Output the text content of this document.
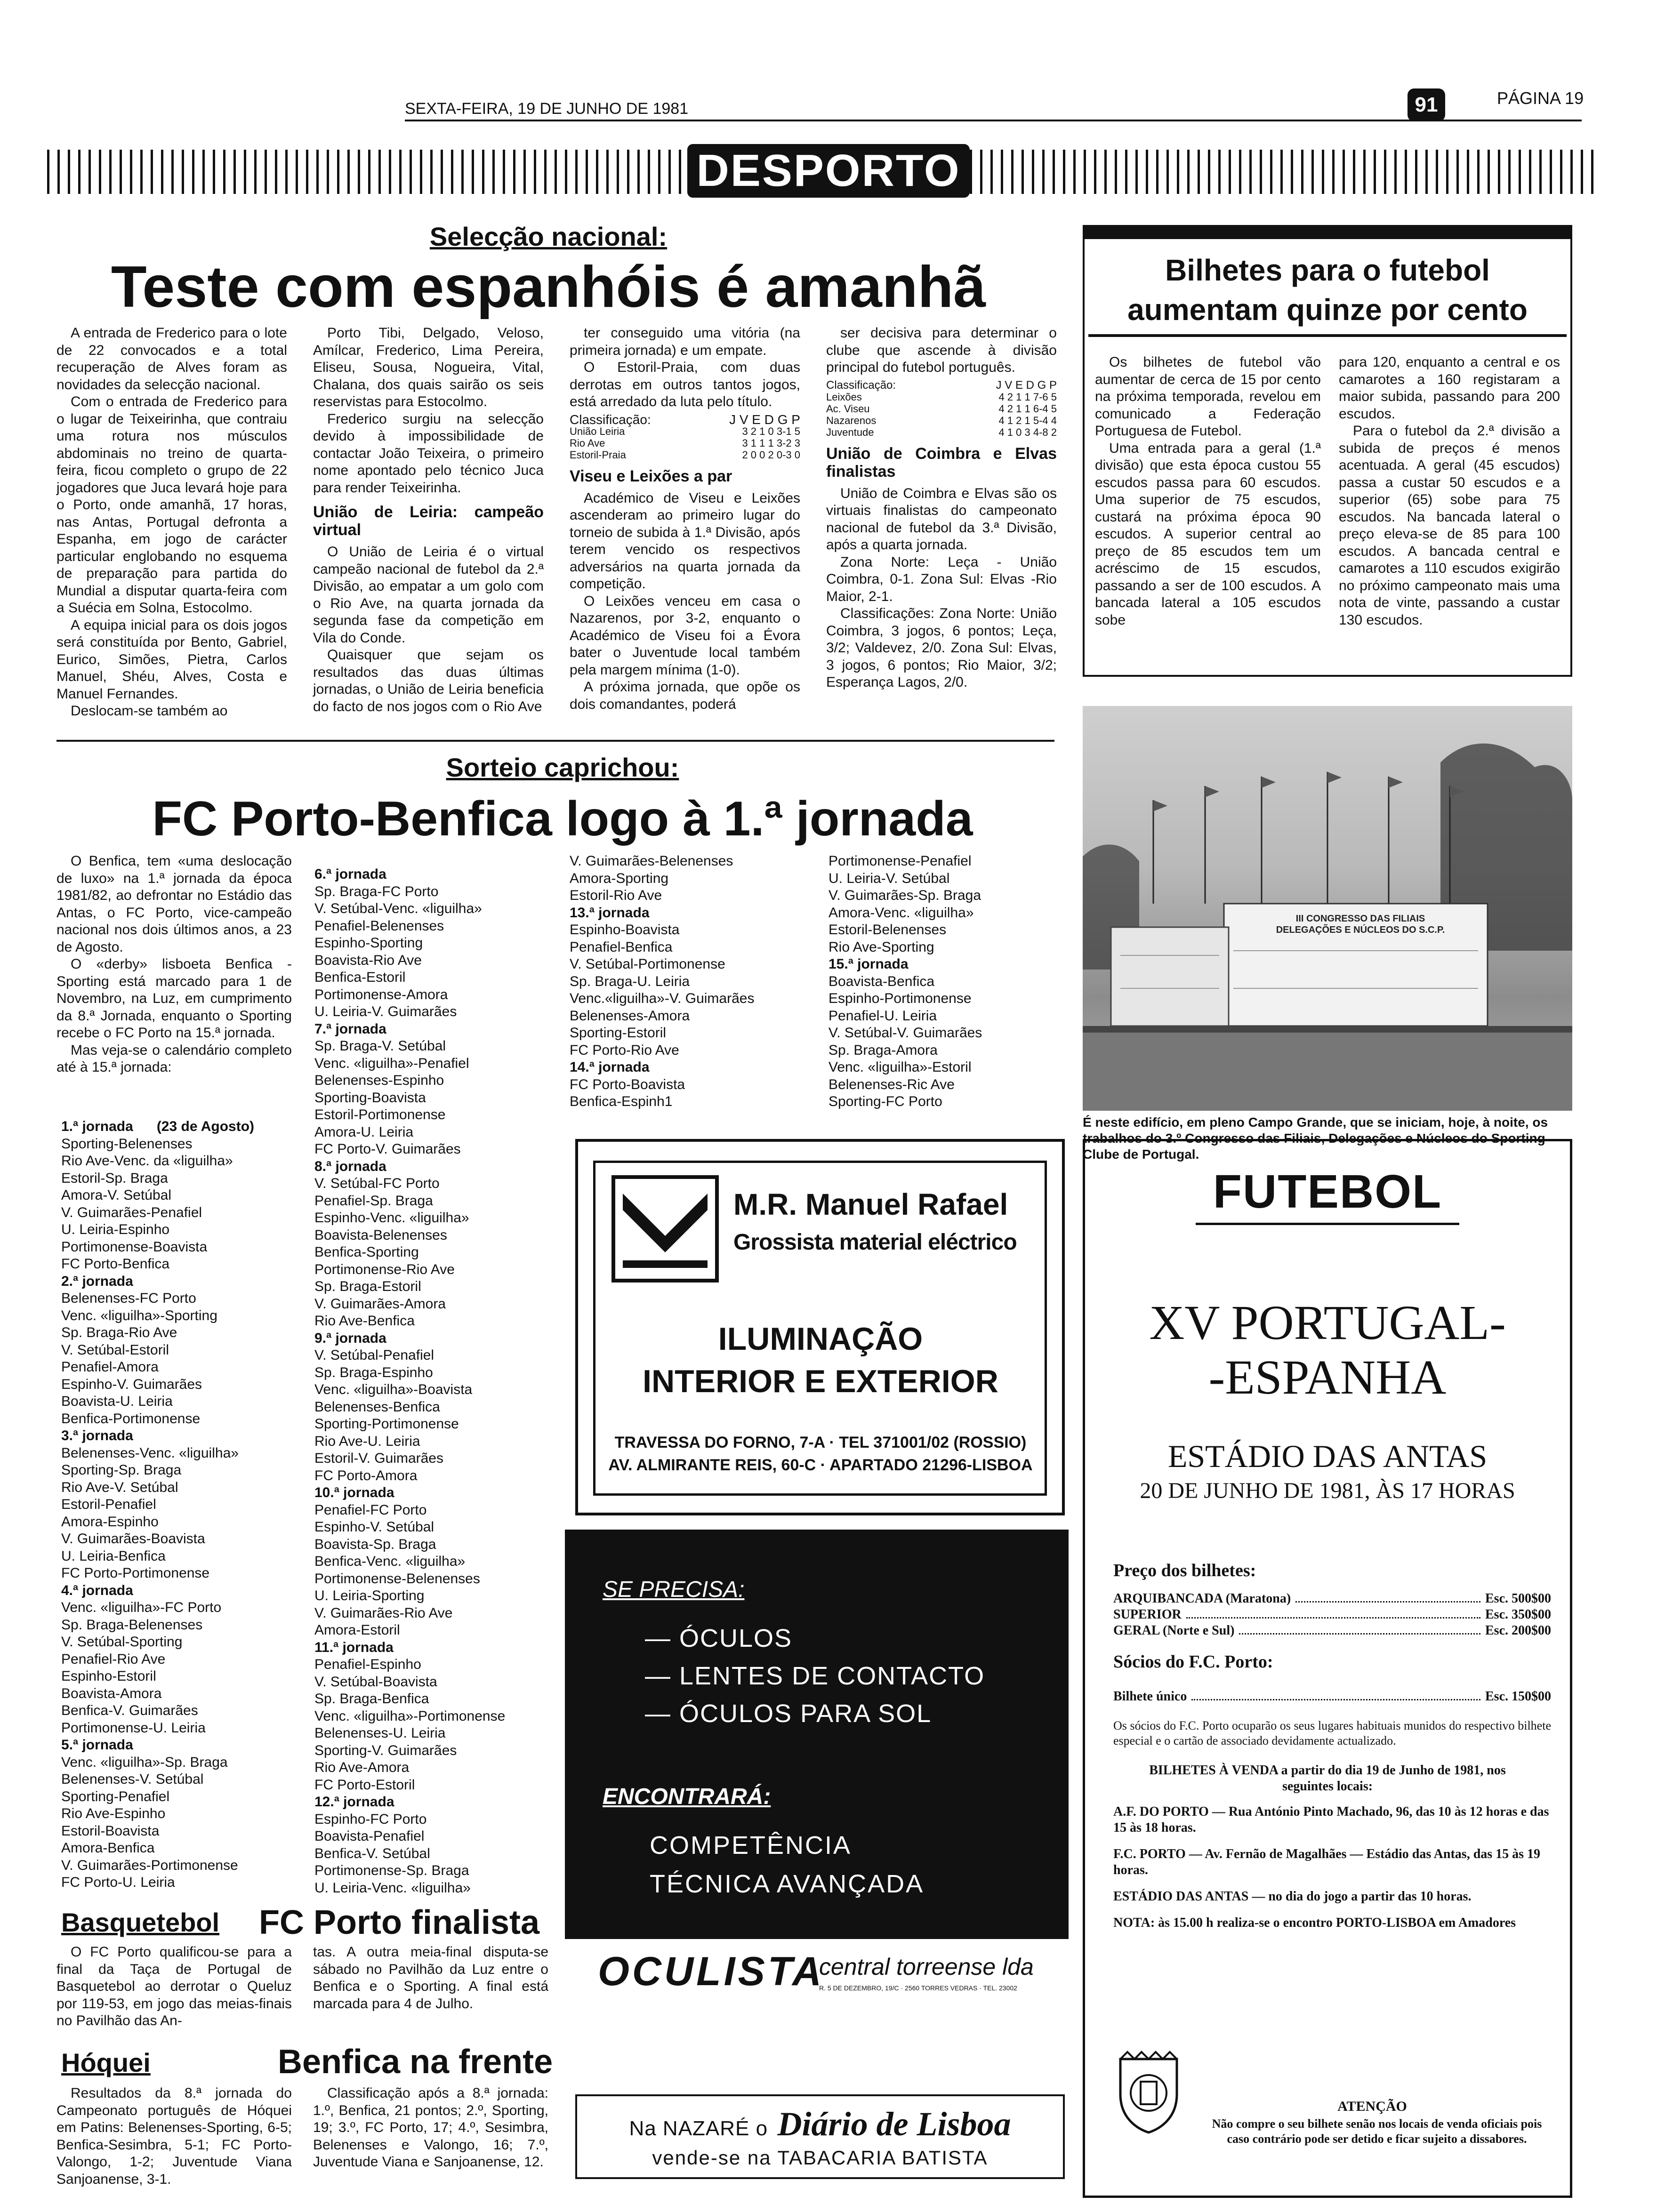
SEXTA-FEIRA, 19 DE JUNHO DE 1981	91	PÁGINA 19
DESPORTO
Selecção nacional:
Teste com espanhóis é amanhã

A entrada de Frederico para o lote de 22 convocados e a total recuperação de Alves foram as novidades da selecção nacional.

Com o entrada de Frederico para o lugar de Teixeirinha, que contraiu uma rotura nos músculos abdominais no treino de quarta-feira, ficou completo o grupo de 22 jogadores que Juca levará hoje para o Porto, onde amanhã, 17 horas, nas Antas, Portugal defronta a Espanha, em jogo de carácter particular englobando no esquema de preparação para partida do Mundial a disputar quarta-feira com a Suécia em Solna, Estocolmo.

A equipa inicial para os dois jogos será constituída por Bento, Gabriel, Eurico, Simões, Pietra, Carlos Manuel, Shéu, Alves, Costa e Manuel Fernandes.

Deslocam-se também ao

Porto Tibi, Delgado, Veloso, Amílcar, Frederico, Lima Pereira, Eliseu, Sousa, Nogueira, Vital, Chalana, dos quais sairão os seis reservistas para Estocolmo.

Frederico surgiu na selecção devido à impossibilidade de contactar João Teixeira, o primeiro nome apontado pelo técnico Juca para render Teixeirinha.

União de Leiria: campeão virtual

O União de Leiria é o virtual campeão nacional de futebol da 2.ª Divisão, ao empatar a um golo com o Rio Ave, na quarta jornada da segunda fase da competição em Vila do Conde.

Quaisquer que sejam os resultados das duas últimas jornadas, o União de Leiria beneficia do facto de nos jogos com o Rio Ave

ter conseguido uma vitória (na primeira jornada) e um empate.

O Estoril-Praia, com duas derrotas em outros tantos jogos, está arredado da luta pelo título.

Classificação:	J V E D G P
União Leiria	3 2 1 0 3-1 5
Rio Ave	3 1 1 1 3-2 3
Estoril-Praia	2 0 0 2 0-3 0
Viseu e Leixões a par

Académico de Viseu e Leixões ascenderam ao primeiro lugar do torneio de subida à 1.ª Divisão, após terem vencido os respectivos adversários na quarta jornada da competição.

O Leixões venceu em casa o Nazarenos, por 3-2, enquanto o Académico de Viseu foi a Évora bater o Juventude local também pela margem mínima (1-0).

A próxima jornada, que opõe os dois comandantes, poderá

ser decisiva para determinar o clube que ascende à divisão principal do futebol português.

Classificação:	J V E D G P
Leixões	4 2 1 1 7-6 5
Ac. Viseu	4 2 1 1 6-4 5
Nazarenos	4 1 2 1 5-4 4
Juventude	4 1 0 3 4-8 2
União de Coimbra e Elvas finalistas

União de Coimbra e Elvas são os virtuais finalistas do campeonato nacional de futebol da 3.ª Divisão, após a quarta jornada.

Zona Norte: Leça - União Coimbra, 0-1. Zona Sul: Elvas -Rio Maior, 2-1.

Classificações: Zona Norte: União Coimbra, 3 jogos, 6 pontos; Leça, 3/2; Valdevez, 2/0. Zona Sul: Elvas, 3 jogos, 6 pontos; Rio Maior, 3/2; Esperança Lagos, 2/0.

Bilhetes para o futebol aumentam quinze por cento

Os bilhetes de futebol vão aumentar de cerca de 15 por cento na próxima temporada, revelou em comunicado a Federação Portuguesa de Futebol.

Uma entrada para a geral (1.ª divisão) que esta época custou 55 escudos passa para 60 escudos. Uma superior de 75 escudos, custará na próxima época 90 escudos. A superior central ao preço de 85 escudos tem um acréscimo de 15 escudos, passando a ser de 100 escudos. A bancada lateral a 105 escudos sobe

para 120, enquanto a central e os camarotes a 160 registaram a maior subida, passando para 200 escudos.

Para o futebol da 2.ª divisão a subida de preços é menos acentuada. A geral (45 escudos) passa a custar 50 escudos e a superior (65) sobe para 75 escudos. Na bancada lateral o preço eleva-se de 85 para 100 escudos. A bancada central e camarotes a 110 escudos exigirão no próximo campeonato mais uma nota de vinte, passando a custar 130 escudos.

Sorteio caprichou:
FC Porto-Benfica logo à 1.ª jornada

O Benfica, tem «uma deslocação de luxo» na 1.ª jornada da época 1981/82, ao defrontar no Estádio das Antas, o FC Porto, vice-campeão nacional nos dois últimos anos, a 23 de Agosto.

O «derby» lisboeta Benfica -Sporting está marcado para 1 de Novembro, na Luz, em cumprimento da 8.ª Jornada, enquanto o Sporting recebe o FC Porto na 15.ª jornada.

Mas veja-se o calendário completo até à 15.ª jornada:

1.ª jornada (23 de Agosto)
Sporting-Belenenses
Rio Ave-Venc. da «liguilha»
Estoril-Sp. Braga
Amora-V. Setúbal
V. Guimarães-Penafiel
U. Leiria-Espinho
Portimonense-Boavista
FC Porto-Benfica
2.ª jornada
Belenenses-FC Porto
Venc. «liguilha»-Sporting
Sp. Braga-Rio Ave
V. Setúbal-Estoril
Penafiel-Amora
Espinho-V. Guimarães
Boavista-U. Leiria
Benfica-Portimonense
3.ª jornada
Belenenses-Venc. «liguilha»
Sporting-Sp. Braga
Rio Ave-V. Setúbal
Estoril-Penafiel
Amora-Espinho
V. Guimarães-Boavista
U. Leiria-Benfica
FC Porto-Portimonense
4.ª jornada
Venc. «liguilha»-FC Porto
Sp. Braga-Belenenses
V. Setúbal-Sporting
Penafiel-Rio Ave
Espinho-Estoril
Boavista-Amora
Benfica-V. Guimarães
Portimonense-U. Leiria
5.ª jornada
Venc. «liguilha»-Sp. Braga
Belenenses-V. Setúbal
Sporting-Penafiel
Rio Ave-Espinho
Estoril-Boavista
Amora-Benfica
V. Guimarães-Portimonense
FC Porto-U. Leiria
6.ª jornada
Sp. Braga-FC Porto
V. Setúbal-Venc. «liguilha»
Penafiel-Belenenses
Espinho-Sporting
Boavista-Rio Ave
Benfica-Estoril
Portimonense-Amora
U. Leiria-V. Guimarães
7.ª jornada
Sp. Braga-V. Setúbal
Venc. «liguilha»-Penafiel
Belenenses-Espinho
Sporting-Boavista
Estoril-Portimonense
Amora-U. Leiria
FC Porto-V. Guimarães
8.ª jornada
V. Setúbal-FC Porto
Penafiel-Sp. Braga
Espinho-Venc. «liguilha»
Boavista-Belenenses
Benfica-Sporting
Portimonense-Rio Ave
Sp. Braga-Estoril
V. Guimarães-Amora
Rio Ave-Benfica
9.ª jornada
V. Setúbal-Penafiel
Sp. Braga-Espinho
Venc. «liguilha»-Boavista
Belenenses-Benfica
Sporting-Portimonense
Rio Ave-U. Leiria
Estoril-V. Guimarães
FC Porto-Amora
10.ª jornada
Penafiel-FC Porto
Espinho-V. Setúbal
Boavista-Sp. Braga
Benfica-Venc. «liguilha»
Portimonense-Belenenses
U. Leiria-Sporting
V. Guimarães-Rio Ave
Amora-Estoril
11.ª jornada
Penafiel-Espinho
V. Setúbal-Boavista
Sp. Braga-Benfica
Venc. «liguilha»-Portimonense
Belenenses-U. Leiria
Sporting-V. Guimarães
Rio Ave-Amora
FC Porto-Estoril
12.ª jornada
Espinho-FC Porto
Boavista-Penafiel
Benfica-V. Setúbal
Portimonense-Sp. Braga
U. Leiria-Venc. «liguilha»
V. Guimarães-Belenenses
Amora-Sporting
Estoril-Rio Ave
13.ª jornada
Espinho-Boavista
Penafiel-Benfica
V. Setúbal-Portimonense
Sp. Braga-U. Leiria
Venc.«liguilha»-V. Guimarães
Belenenses-Amora
Sporting-Estoril
FC Porto-Rio Ave
14.ª jornada
FC Porto-Boavista
Benfica-Espinh1
Portimonense-Penafiel
U. Leiria-V. Setúbal
V. Guimarães-Sp. Braga
Amora-Venc. «liguilha»
Estoril-Belenenses
Rio Ave-Sporting
15.ª jornada
Boavista-Benfica
Espinho-Portimonense
Penafiel-U. Leiria
V. Setúbal-V. Guimarães
Sp. Braga-Amora
Venc. «liguilha»-Estoril
Belenenses-Ric Ave
Sporting-FC Porto
III CONGRESSO DAS FILIAIS
DELEGAÇÕES E NÚCLEOS DO S.C.P.
É neste edifício, em pleno Campo Grande, que se iniciam, hoje, à noite, os trabalhos do 3.º Congresso das Filiais, Delegações e Núcleos do Sporting Clube de Portugal.
Basquetebol FC Porto finalista

O FC Porto qualificou-se para a final da Taça de Portugal de Basquetebol ao derrotar o Queluz por 119-53, em jogo das meias-finais no Pavilhão das An-

tas. A outra meia-final disputa-se sábado no Pavilhão da Luz entre o Benfica e o Sporting. A final está marcada para 4 de Julho.

Hóquei	Benfica na frente

Resultados da 8.ª jornada do Campeonato português de Hóquei em Patins: Belenenses-Sporting, 6-5; Benfica-Sesimbra, 5-1; FC Porto-Valongo, 1-2; Juventude Viana Sanjoanense, 3-1.

Classificação após a 8.ª jornada: 1.º, Benfica, 21 pontos; 2.º, Sporting, 19; 3.º, FC Porto, 17; 4.º, Sesimbra, Belenenses e Valongo, 16; 7.º, Juventude Viana e Sanjoanense, 12.

M.R. Manuel Rafael
Grossista material eléctrico
ILUMINAÇÃO
INTERIOR E EXTERIOR
TRAVESSA DO FORNO, 7-A · TEL 371001/02 (ROSSIO)
AV. ALMIRANTE REIS, 60-C · APARTADO 21296-LISBOA
SE PRECISA:
— ÓCULOS
— LENTES DE CONTACTO
— ÓCULOS PARA SOL
ENCONTRARÁ:
COMPETÊNCIA
TÉCNICA AVANÇADA
OCULISTA
central torreense lda
R. 5 DE DEZEMBRO, 19/C · 2560 TORRES VEDRAS · TEL. 23002
Na NAZARÉ o Diário de Lisboa
vende-se na TABACARIA BATISTA
FUTEBOL
XV PORTUGAL-
-ESPANHA
ESTÁDIO DAS ANTAS
20 DE JUNHO DE 1981, ÀS 17 HORAS
Preço dos bilhetes:
ARQUIBANCADA (Maratona)	Esc. 500$00
SUPERIOR	Esc. 350$00
GERAL (Norte e Sul)	Esc. 200$00
Sócios do F.C. Porto:
Bilhete único	Esc. 150$00
Os sócios do F.C. Porto ocuparão os seus lugares habituais munidos do respectivo bilhete especial e o cartão de associado devidamente actualizado.
BILHETES À VENDA a partir do dia 19 de Junho de 1981, nos seguintes locais:
A.F. DO PORTO — Rua António Pinto Machado, 96, das 10 às 12 horas e das 15 às 18 horas.
F.C. PORTO — Av. Fernão de Magalhães — Estádio das Antas, das 15 às 19 horas.
ESTÁDIO DAS ANTAS — no dia do jogo a partir das 10 horas.
NOTA: às 15.00 h realiza-se o encontro PORTO-LISBOA em Amadores
ATENÇÃO
Não compre o seu bilhete senão nos locais de venda oficiais pois caso contrário pode ser detido e ficar sujeito a dissabores.
